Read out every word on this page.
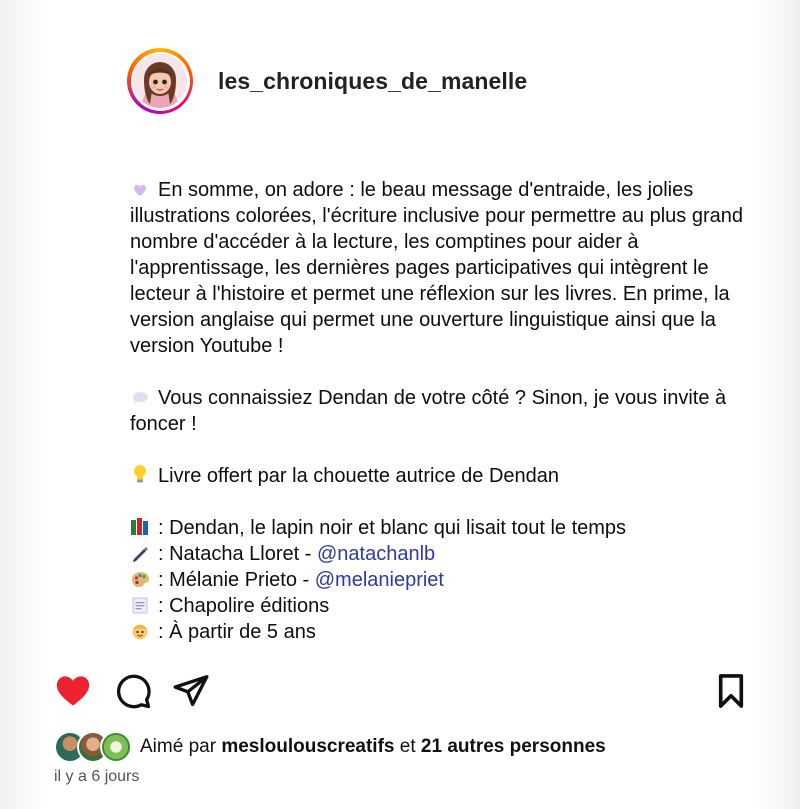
les_chroniques_de_manelle

En somme, on adore : le beau message d'entraide, les jolies illustrations colorées, l'écriture inclusive pour permettre au plus grand nombre d'accéder à la lecture, les comptines pour aider à l'apprentissage, les dernières pages participatives qui intègrent le lecteur à l'histoire et permet une réflexion sur les livres. En prime, la version anglaise qui permet une ouverture linguistique ainsi que la version Youtube !

Vous connaissiez Dendan de votre côté ? Sinon, je vous invite à foncer !

Livre offert par la chouette autrice de Dendan

: Dendan, le lapin noir et blanc qui lisait tout le temps

: Natacha Lloret - @natachanlb

: Mélanie Prieto - @melaniepriet

: Chapolire éditions

: À partir de 5 ans

Aimé par mesloulouscreatifs et 21 autres personnes
il y a 6 jours
